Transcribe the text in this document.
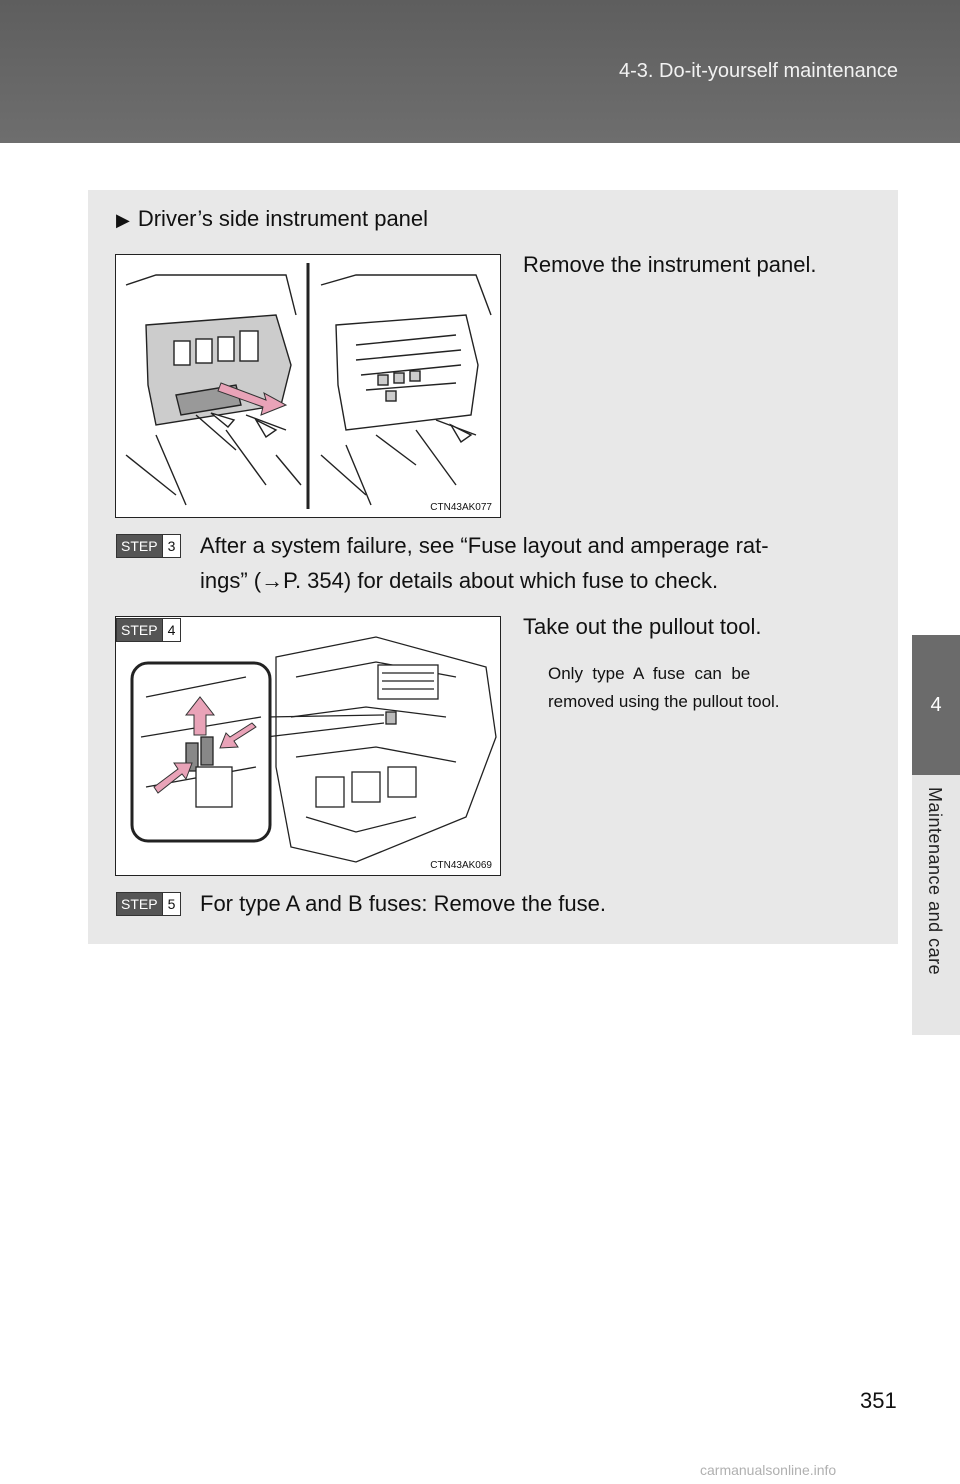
4-3. Do-it-yourself maintenance
4
Maintenance and care
▶ Driver’s side instrument panel
CTN43AK077
Remove the instrument panel.
STEP 3 After a system failure, see “Fuse layout and amperage rat-
ings” (→P. 354) for details about which fuse to check.
CTN43AK069
STEP 4	Take out the pullout tool.
Only  type  A  fuse  can  be
removed using the pullout tool.
STEP 5 For type A and B fuses: Remove the fuse.
351
carmanualsonline.info
